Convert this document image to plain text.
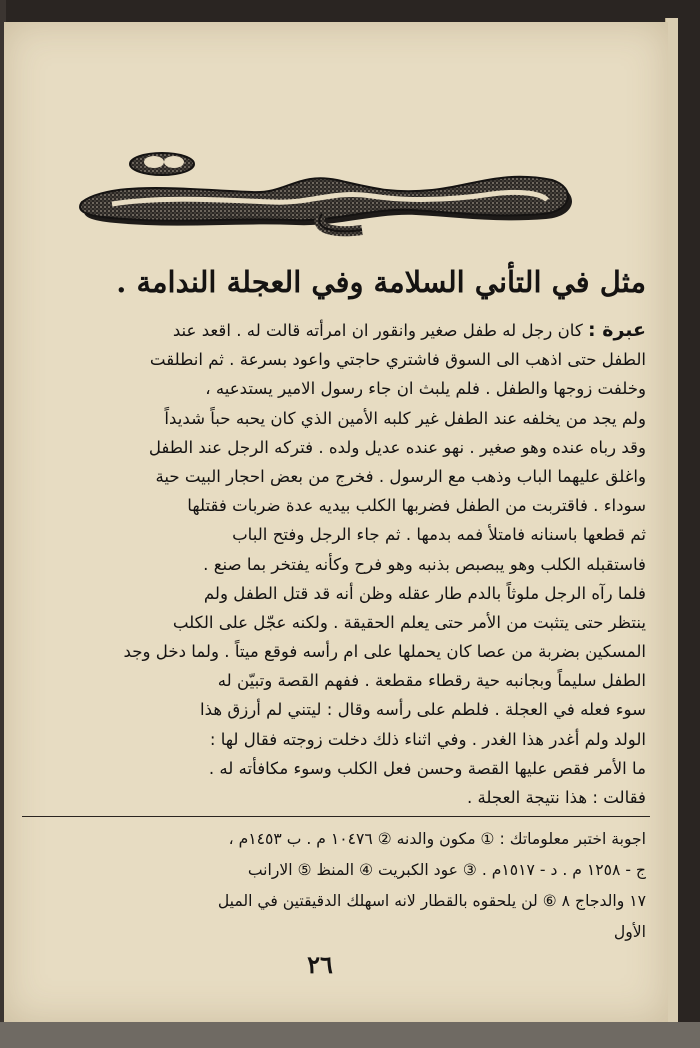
مثل في التأني السلامة وفي العجلة الندامة .
عبرة : كان رجل له طفل صغير وانقور ان امرأته قالت له . اقعد عند
الطفل حتى اذهب الى السوق فاشتري حاجتي واعود بسرعة . ثم انطلقت
وخلفت زوجها والطفل . فلم يلبث ان جاء رسول الامير يستدعيه ،
ولم يجد من يخلفه عند الطفل غير كلبه الأمين الذي كان يحبه حباً شديداً
وقد رباه عنده وهو صغير . نهو عنده عديل ولده . فتركه الرجل عند الطفل
واغلق عليهما الباب وذهب مع الرسول . فخرج من بعض احجار البيت حية
سوداء . فاقتربت من الطفل فضربها الكلب بيديه عدة ضربات فقتلها
ثم قطعها باسنانه فامتلأ فمه بدمها . ثم جاء الرجل وفتح الباب
فاستقبله الكلب وهو يبصبص بذنبه وهو فرح وكأنه يفتخر بما صنع .
فلما رآه الرجل ملوثاً بالدم طار عقله وظن أنه قد قتل الطفل ولم
ينتظر حتى يتثبت من الأمر حتى يعلم الحقيقة . ولكنه عجّل على الكلب
المسكين بضربة من عصا كان يحملها على ام رأسه فوقع ميتاً . ولما دخل وجد
الطفل سليماً وبجانبه حية رقطاء مقطعة . ففهم القصة وتبيّن له
سوء فعله في العجلة . فلطم على رأسه وقال : ليتني لم أرزق هذا
الولد ولم أغدر هذا الغدر . وفي اثناء ذلك دخلت زوجته فقال لها :
ما الأمر فقص عليها القصة وحسن فعل الكلب وسوء مكافأته له .
فقالت : هذا نتيجة العجلة .
اجوبة اختبر معلوماتك : ① مكون والدنه ② ١٠٤٧٦ م . ب ١٤٥٣م ،
ج - ١٢٥٨ م . د - ١٥١٧م . ③ عود الكبريت ④ المنظ ⑤ الارانب
١٧ والدجاج ٨ ⑥ لن يلحقوه بالقطار لانه اسهلك الدقيقتين في الميل
الأول
٢٦
